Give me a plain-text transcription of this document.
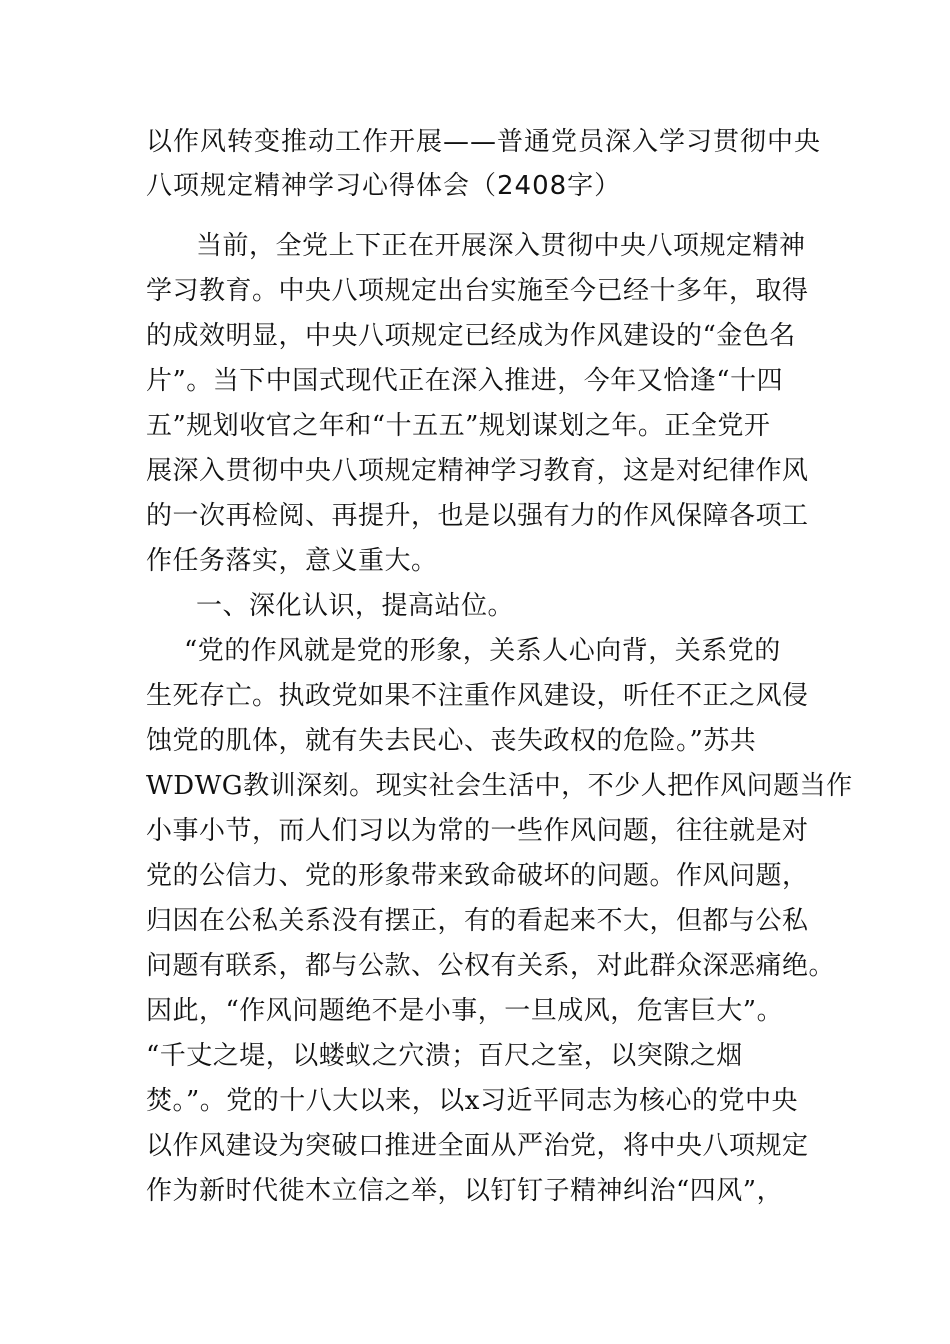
以作风转变推动工作开展——普通党员深入学习贯彻中央
八项规定精神学习心得体会（2408字）
当前，全党上下正在开展深入贯彻中央八项规定精神
学习教育。中央八项规定出台实施至今已经十多年，取得
的成效明显，中央八项规定已经成为作风建设的“金色名
片”。当下中国式现代正在深入推进，今年又恰逢“十四
五”规划收官之年和“十五五”规划谋划之年。正全党开
展深入贯彻中央八项规定精神学习教育，这是对纪律作风
的一次再检阅、再提升，也是以强有力的作风保障各项工
作任务落实，意义重大。
一、深化认识，提高站位。
“党的作风就是党的形象，关系人心向背，关系党的
生死存亡。执政党如果不注重作风建设，听任不正之风侵
蚀党的肌体，就有失去民心、丧失政权的危险。”苏共
WDWG教训深刻。现实社会生活中，不少人把作风问题当作
小事小节，而人们习以为常的一些作风问题，往往就是对
党的公信力、党的形象带来致命破坏的问题。作风问题，
归因在公私关系没有摆正，有的看起来不大，但都与公私
问题有联系，都与公款、公权有关系，对此群众深恶痛绝。
因此，“作风问题绝不是小事，一旦成风，危害巨大”。
“千丈之堤，以蝼蚁之穴溃；百尺之室，以突隙之烟
焚。”。党的十八大以来，以x习近平同志为核心的党中央
以作风建设为突破口推进全面从严治党，将中央八项规定
作为新时代徙木立信之举，以钉钉子精神纠治“四风”，
